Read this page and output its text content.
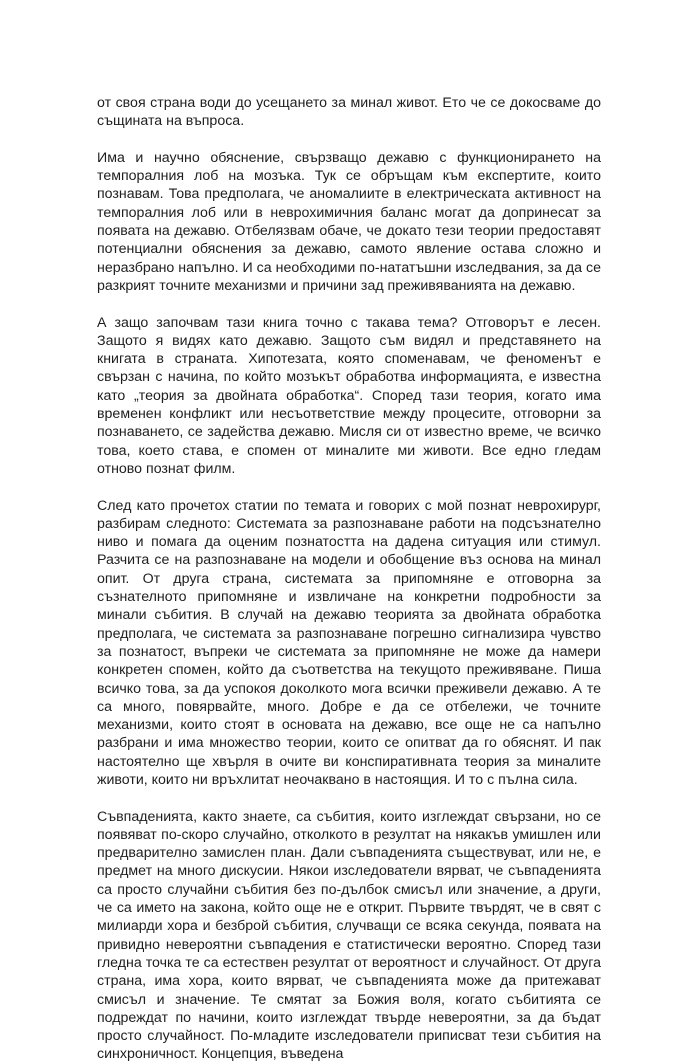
от своя страна води до усещането за минал живот. Ето че се докосваме до същината на въпроса.

Има и научно обяснение, свързващо дежавю с функционирането на темпоралния лоб на мозъка. Тук се обръщам към експертите, които познавам. Това предполага, че аномалиите в електрическата активност на темпоралния лоб или в неврохимичния баланс могат да допринесат за появата на дежавю. Отбелязвам обаче, че докато тези теории предоставят потенциални обяснения за дежавю, самото явление остава сложно и неразбрано напълно. И са необходими по-нататъшни изследвания, за да се разкрият точните механизми и причини зад преживяванията на дежавю.

А защо започвам тази книга точно с такава тема? Отговорът е лесен. Защото я видях като дежавю. Защото съм видял и представянето на книгата в страната. Хипотезата, която споменавам, че феноменът е свързан с начина, по който мозъкът обработва информацията, е известна като „теория за двойната обработка“. Според тази теория, когато има временен конфликт или несъответствие между процесите, отговорни за познаването, се задейства дежавю. Мисля си от известно време, че всичко това, което става, е спомен от миналите ми животи. Все едно гледам отново познат филм.

След като прочетох статии по темата и говорих с мой познат неврохирург, разбирам следното: Системата за разпознаване работи на подсъзнателно ниво и помага да оценим познатостта на дадена ситуация или стимул. Разчита се на разпознаване на модели и обобщение въз основа на минал опит. От друга страна, системата за припомняне е отговорна за съзнателното припомняне и извличане на конкретни подробности за минали събития. В случай на дежавю теорията за двойната обработка предполага, че системата за разпознаване погрешно сигнализира чувство за познатост, въпреки че системата за припомняне не може да намери конкретен спомен, който да съответства на текущото преживяване. Пиша всичко това, за да успокоя доколкото мога всички преживели дежавю. А те са много, повярвайте, много. Добре е да се отбележи, че точните механизми, които стоят в основата на дежавю, все още не са напълно разбрани и има множество теории, които се опитват да го обяснят. И пак настоятелно ще хвърля в очите ви конспиративната теория за миналите животи, които ни връхлитат неочаквано в настоящия. И то с пълна сила.

Съвпаденията, както знаете, са събития, които изглеждат свързани, но се появяват по-скоро случайно, отколкото в резултат на някакъв умишлен или предварително замислен план. Дали съвпаденията съществуват, или не, е предмет на много дискусии. Някои изследователи вярват, че съвпаденията са просто случайни събития без по-дълбок смисъл или значение, а други, че са името на закона, който още не е открит. Първите твърдят, че в свят с милиарди хора и безброй събития, случващи се всяка секунда, появата на привидно невероятни съвпадения е статистически вероятно. Според тази гледна точка те са естествен резултат от вероятност и случайност. От друга страна, има хора, които вярват, че съвпаденията може да притежават смисъл и значение. Те смятат за Божия воля, когато събитията се подреждат по начини, които изглеждат твърде невероятни, за да бъдат просто случайност. По-младите изследователи приписват тези събития на синхроничност. Концепция, въведена
